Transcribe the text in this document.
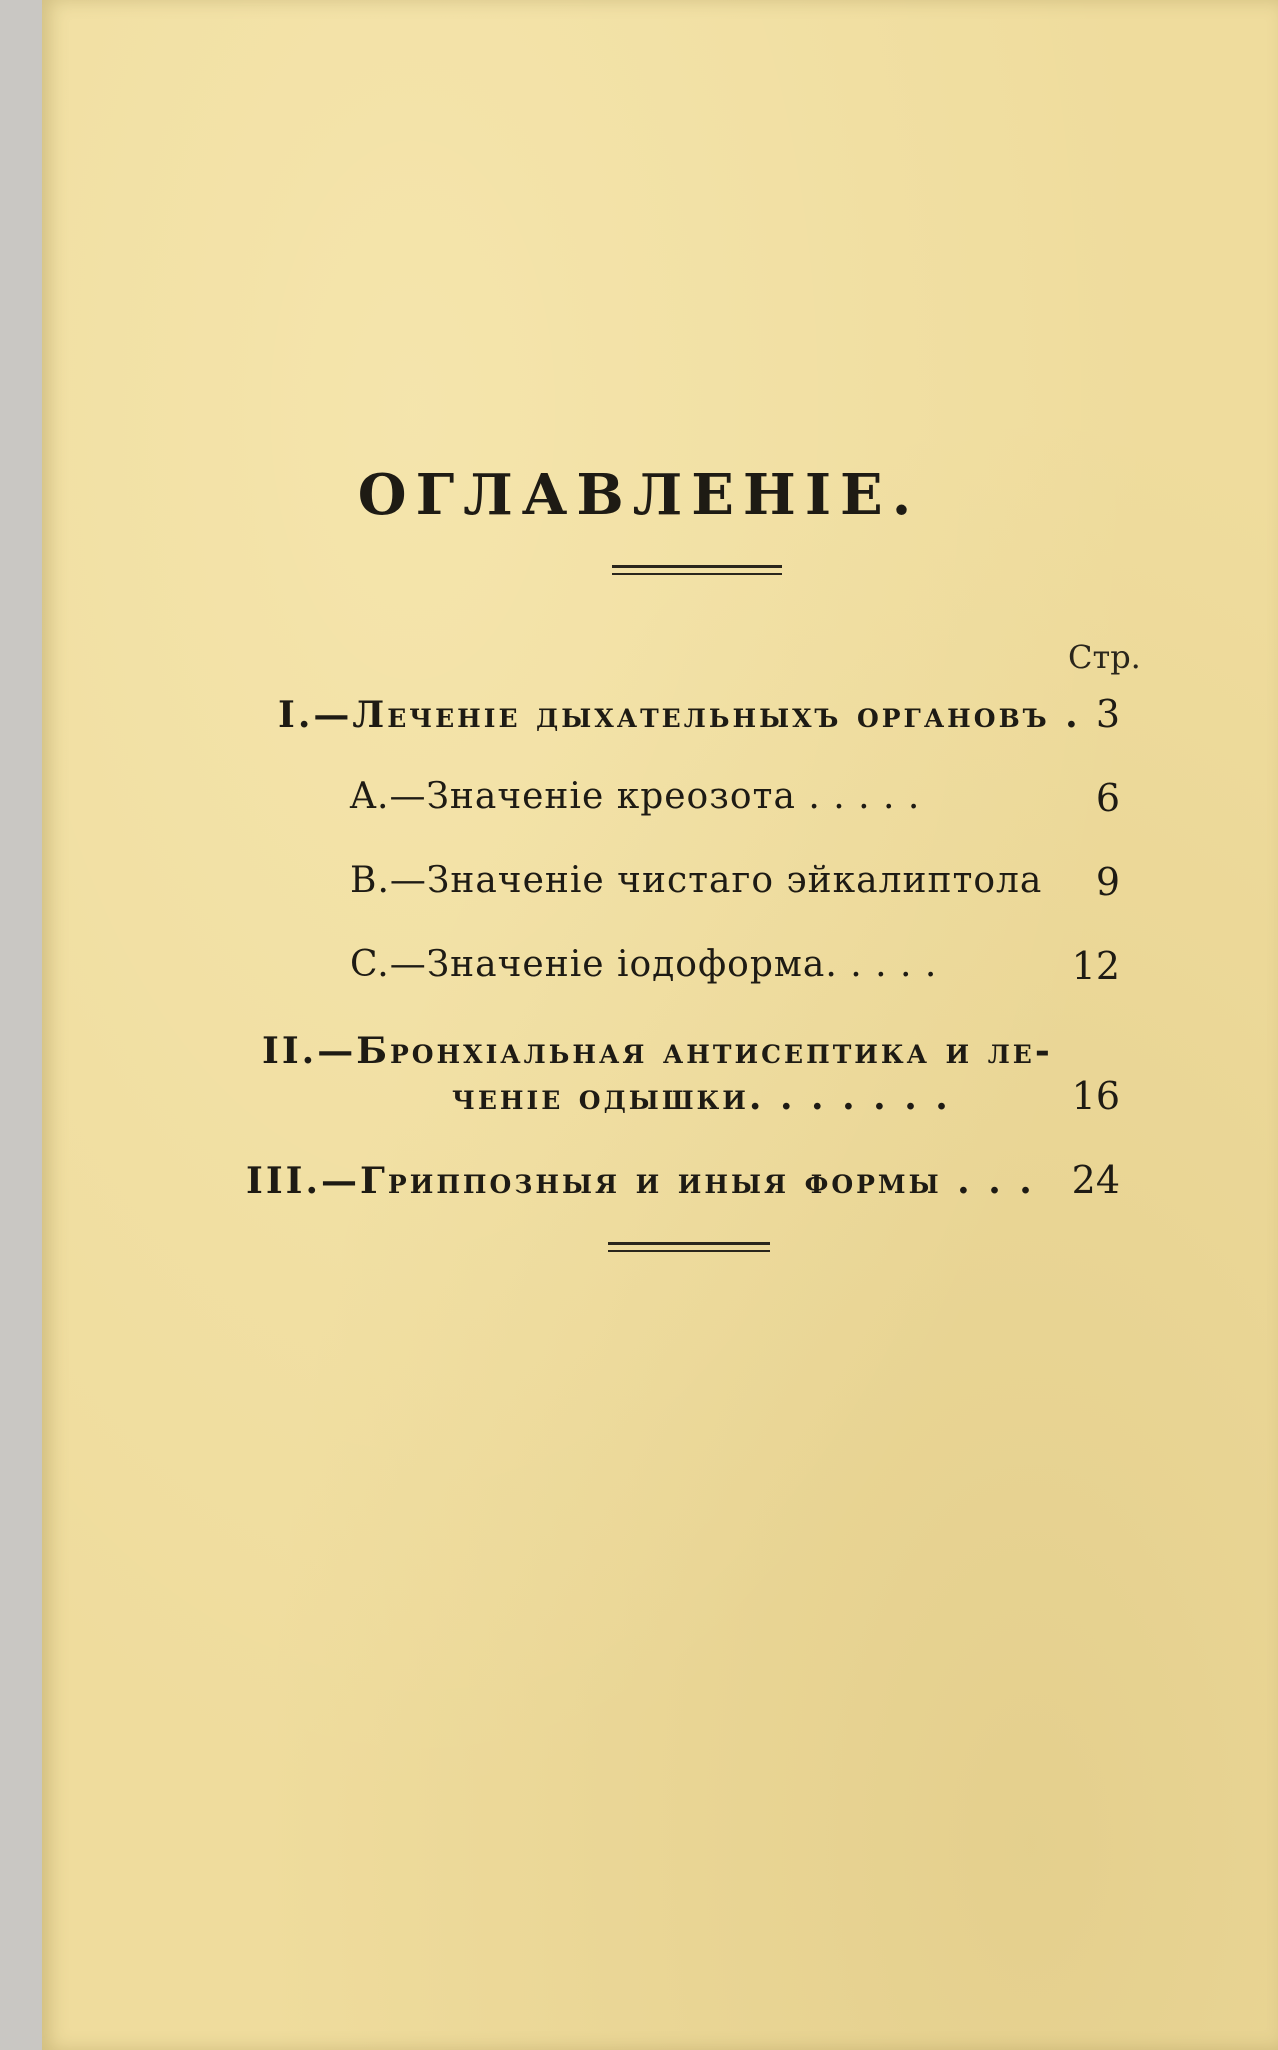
ОГЛАВЛЕНІЕ.
Стр.
I.—Леченіе дыхательныхъ органовъ . 3
A.—Значеніе креозота . . . . .	6
B.—Значеніе чистаго эйкалиптола	9
C.—Значеніе іодоформа. . . . .	12
II.—Бронхіальная антисептика и ле-
ченіе одышки. . . . . . .	16
III.—Гриппозныя и иныя формы . . . 24
